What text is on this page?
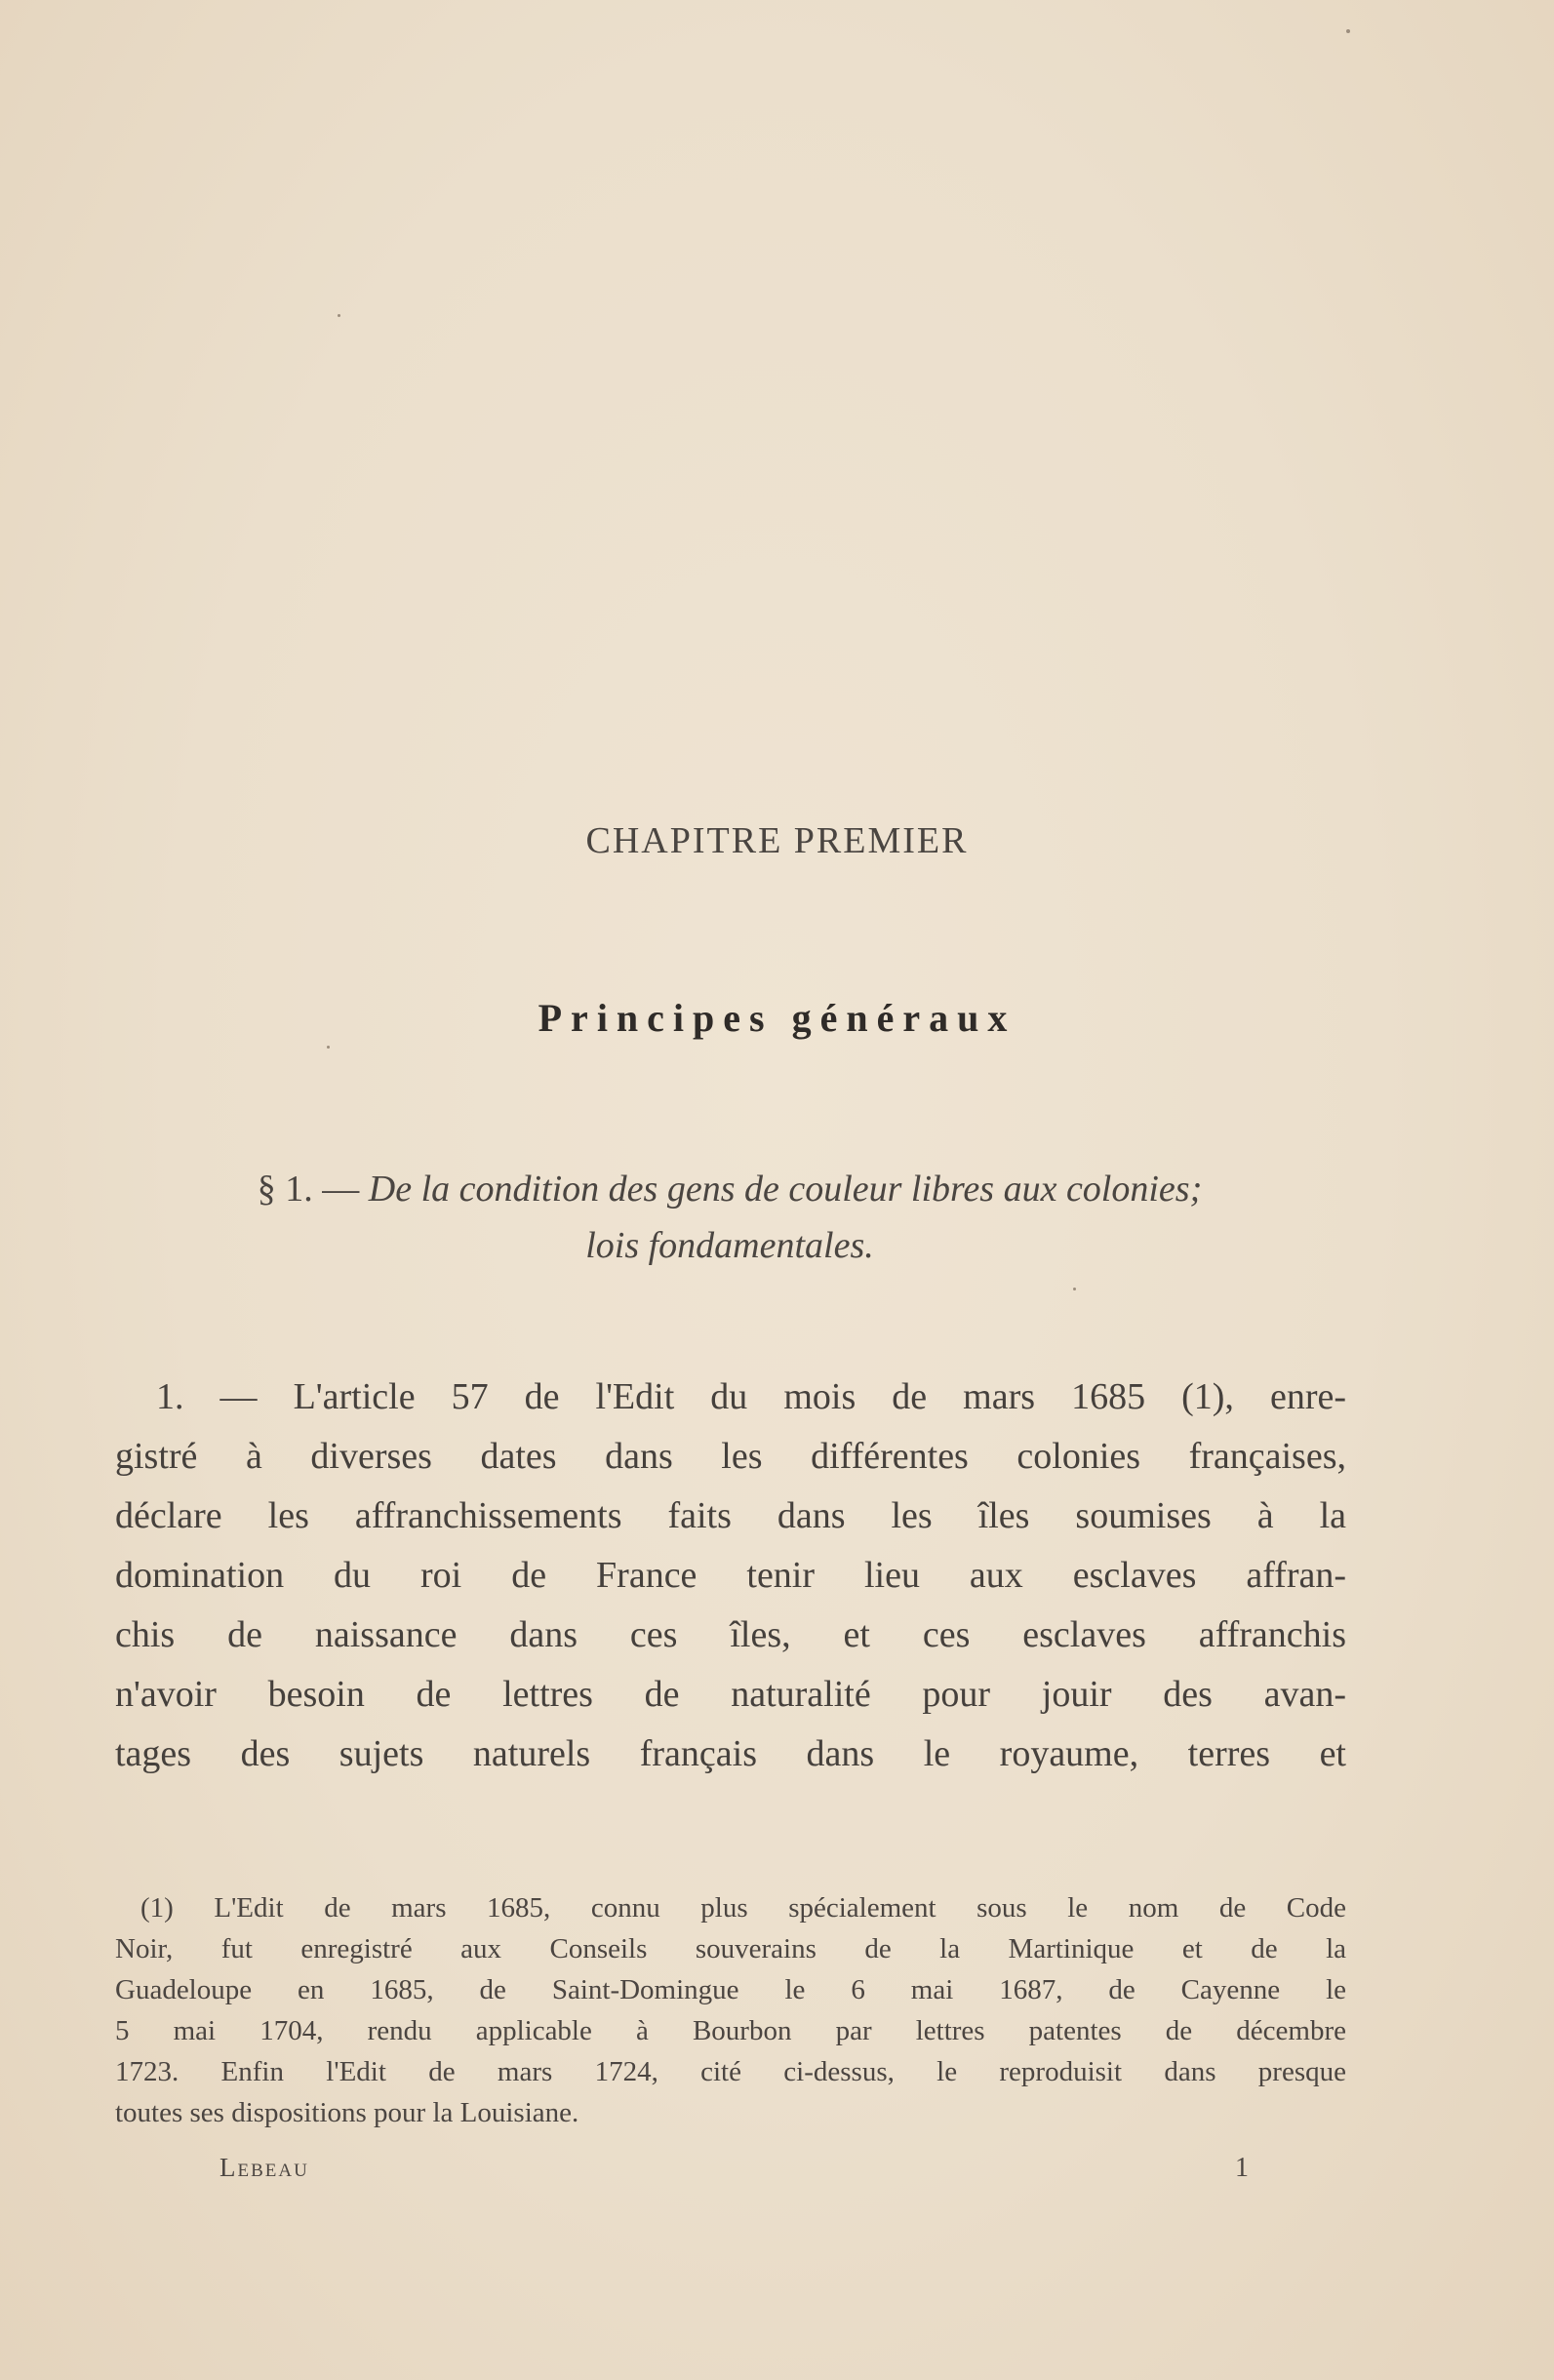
CHAPITRE PREMIER
Principes généraux
§ 1. — De la condition des gens de couleur libres aux colonies;
lois fondamentales.
1. — L'article 57 de l'Edit du mois de mars 1685 (1), enre-
gistré à diverses dates dans les différentes colonies françaises,
déclare les affranchissements faits dans les îles soumises à la
domination du roi de France tenir lieu aux esclaves affran-
chis de naissance dans ces îles, et ces esclaves affranchis
n'avoir besoin de lettres de naturalité pour jouir des avan-
tages des sujets naturels français dans le royaume, terres et
(1) L'Edit de mars 1685, connu plus spécialement sous le nom de Code
Noir, fut enregistré aux Conseils souverains de la Martinique et de la
Guadeloupe en 1685, de Saint-Domingue le 6 mai 1687, de Cayenne le
5 mai 1704, rendu applicable à Bourbon par lettres patentes de décembre
1723. Enfin l'Edit de mars 1724, cité ci-dessus, le reproduisit dans presque
toutes ses dispositions pour la Louisiane.
Lebeau	1
